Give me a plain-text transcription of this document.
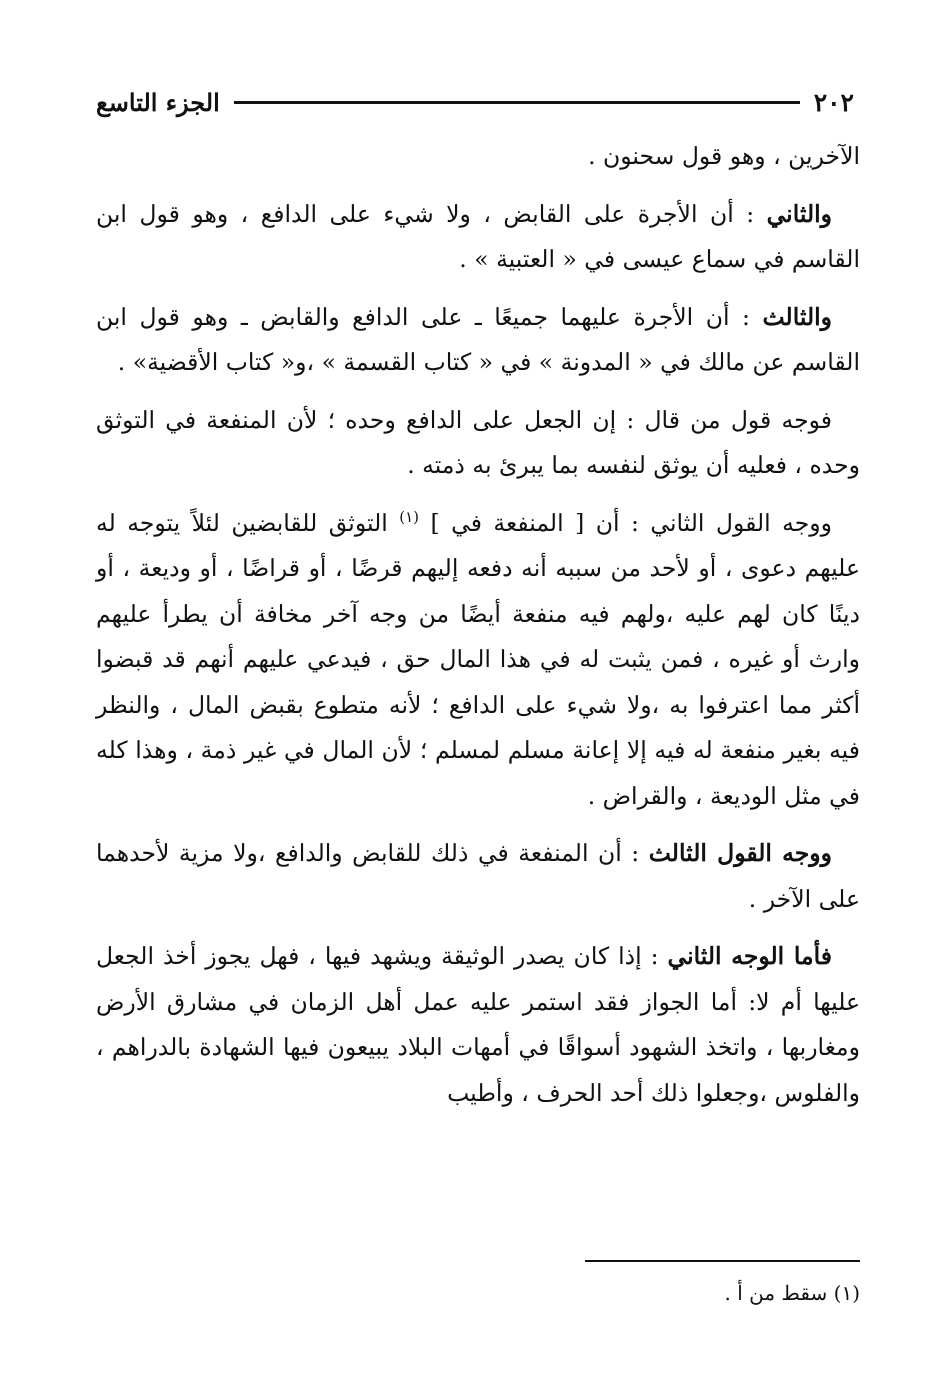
٢٠٢
الجزء التاسع

الآخرين ، وهو قول سحنون .

والثاني : أن الأجرة على القابض ، ولا شيء على الدافع ، وهو قول ابن القاسم في سماع عيسى في « العتبية » .

والثالث : أن الأجرة عليهما جميعًا ـ على الدافع والقابض ـ وهو قول ابن القاسم عن مالك في « المدونة » في « كتاب القسمة » ،و« كتاب الأقضية» .

فوجه قول من قال : إن الجعل على الدافع وحده ؛ لأن المنفعة في التوثق وحده ، فعليه أن يوثق لنفسه بما يبرئ به ذمته .

ووجه القول الثاني : أن [ المنفعة في ] $^{(١)}$ التوثق للقابضين لئلاً يتوجه له عليهم دعوى ، أو لأحد من سببه أنه دفعه إليهم قرضًا ، أو قراضًا ، أو وديعة ، أو دينًا كان لهم عليه ،ولهم فيه منفعة أيضًا من وجه آخر مخافة أن يطرأ عليهم وارث أو غيره ، فمن يثبت له في هذا المال حق ، فيدعي عليهم أنهم قد قبضوا أكثر مما اعترفوا به ،ولا شيء على الدافع ؛ لأنه متطوع بقبض المال ، والنظر فيه بغير منفعة له فيه إلا إعانة مسلم لمسلم ؛ لأن المال في غير ذمة ، وهذا كله في مثل الوديعة ، والقراض .

ووجه القول الثالث : أن المنفعة في ذلك للقابض والدافع ،ولا مزية لأحدهما على الآخر .

فأما الوجه الثاني : إذا كان يصدر الوثيقة ويشهد فيها ، فهل يجوز أخذ الجعل عليها أم لا: أما الجواز فقد استمر عليه عمل أهل الزمان في مشارق الأرض ومغاربها ، واتخذ الشهود أسواقًا في أمهات البلاد يبيعون فيها الشهادة بالدراهم ، والفلوس ،وجعلوا ذلك أحد الحرف ، وأطيب

(١) سقط من أ .
